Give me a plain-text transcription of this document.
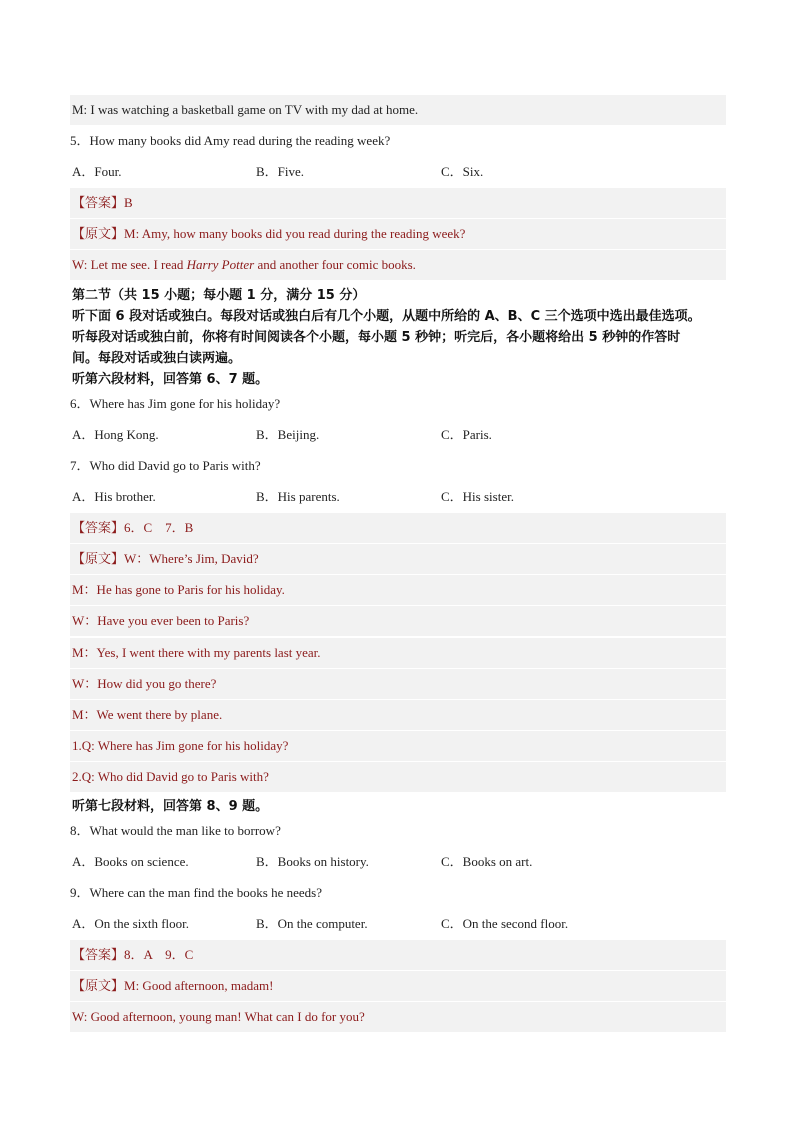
M: I was watching a basketball game on TV with my dad at home.
5．How many books did Amy read during the reading week?
A．Four.	B．Five.	C．Six.
【答案】B
【原文】M: Amy, how many books did you read during the reading week?
W: Let me see. I read Harry Potter and another four comic books.
第二节（共 15 小题；每小题 1 分，满分 15 分）
听下面 6 段对话或独白。每段对话或独白后有几个小题，从题中所给的 A、B、C 三个选项中选出最佳选项。
听每段对话或独白前，你将有时间阅读各个小题，每小题 5 秒钟；听完后，各小题将给出 5 秒钟的作答时
间。每段对话或独白读两遍。
听第六段材料，回答第 6、7 题。
6．Where has Jim gone for his holiday?
A．Hong Kong.	B．Beijing.	C．Paris.
7．Who did David go to Paris with?
A．His brother.	B．His parents.	C．His sister.
【答案】6．C　7．B
【原文】W：Where’s Jim, David?
M：He has gone to Paris for his holiday.
W：Have you ever been to Paris?
M：Yes, I went there with my parents last year.
W：How did you go there?
M：We went there by plane.
1.Q: Where has Jim gone for his holiday?
2.Q: Who did David go to Paris with?
听第七段材料，回答第 8、9 题。
8．What would the man like to borrow?
A．Books on science.	B．Books on history.	C．Books on art.
9．Where can the man find the books he needs?
A．On the sixth floor.	B．On the computer.	C．On the second floor.
【答案】8．A　9．C
【原文】M: Good afternoon, madam!
W: Good afternoon, young man! What can I do for you?
